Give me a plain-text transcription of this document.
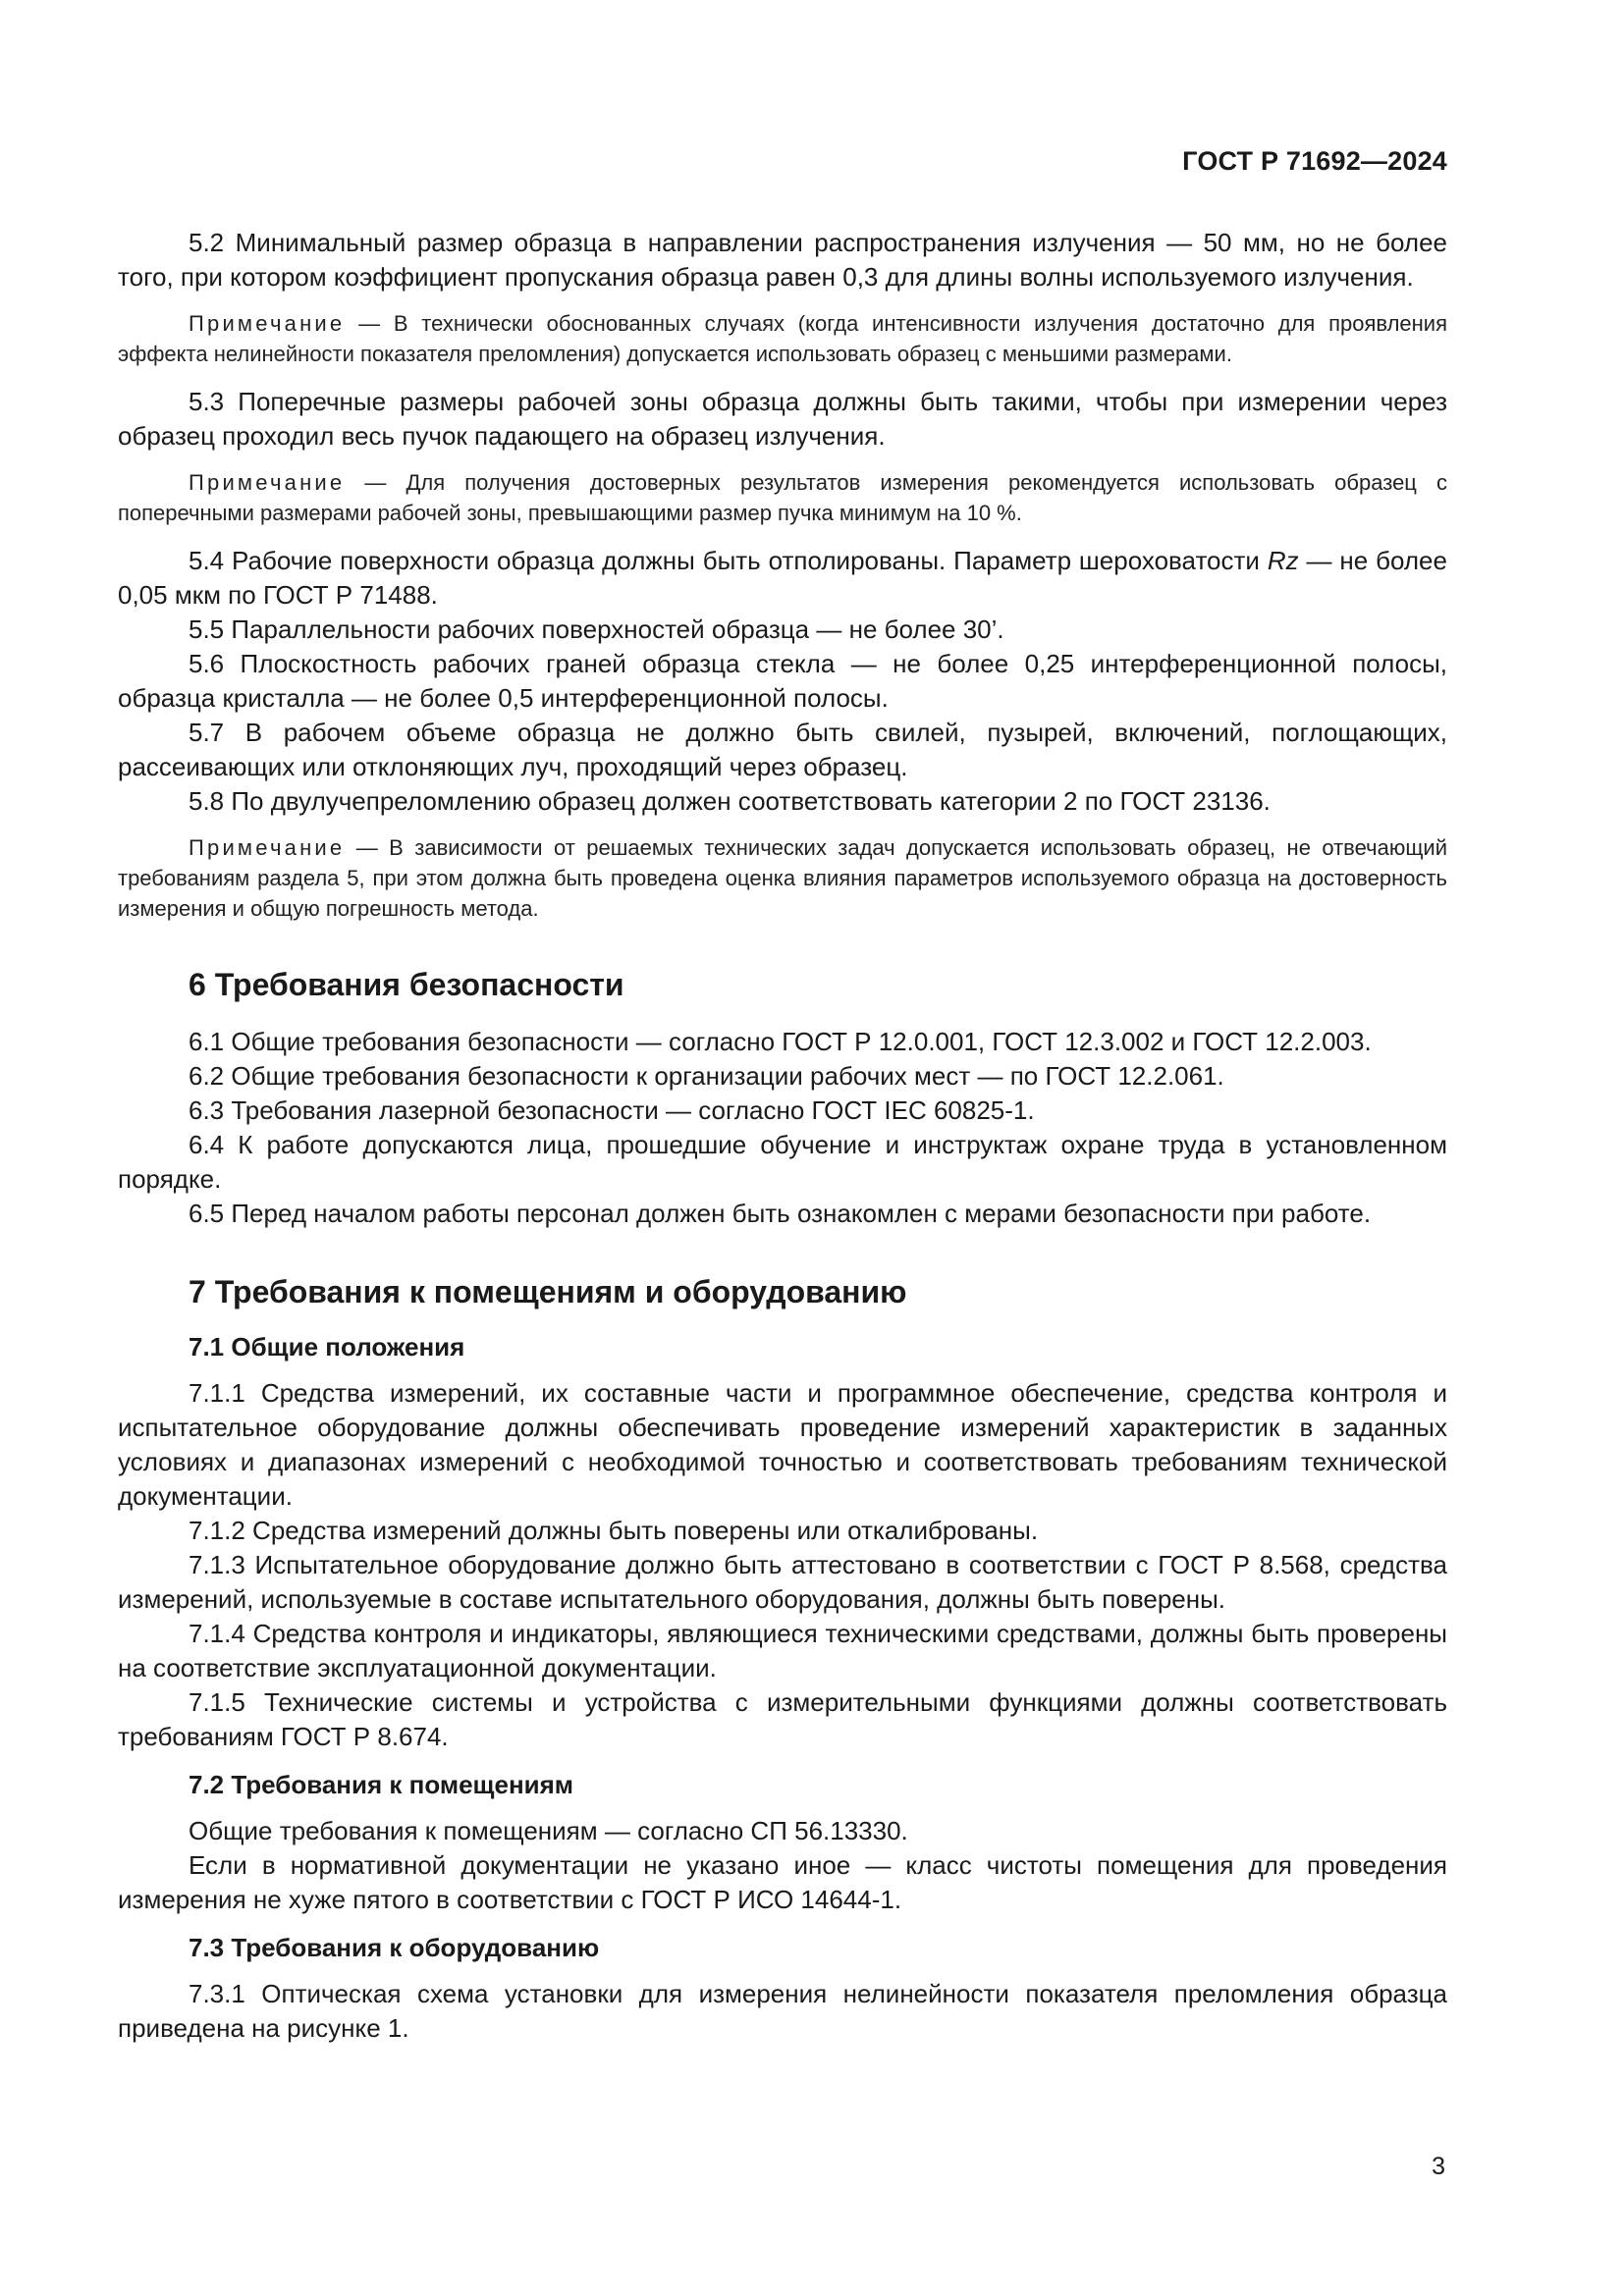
ГОСТ Р 71692—2024

5.2 Минимальный размер образца в направлении распространения излучения — 50 мм, но не более того, при котором коэффициент пропускания образца равен 0,3 для длины волны используемого излучения.

Примечание — В технически обоснованных случаях (когда интенсивности излучения достаточно для проявления эффекта нелинейности показателя преломления) допускается использовать образец с меньшими размерами.

5.3 Поперечные размеры рабочей зоны образца должны быть такими, чтобы при измерении через образец проходил весь пучок падающего на образец излучения.

Примечание — Для получения достоверных результатов измерения рекомендуется использовать образец с поперечными размерами рабочей зоны, превышающими размер пучка минимум на 10 %.

5.4 Рабочие поверхности образца должны быть отполированы. Параметр шероховатости Rz — не более 0,05 мкм по ГОСТ Р 71488.

5.5 Параллельности рабочих поверхностей образца — не более 30’.

5.6 Плоскостность рабочих граней образца стекла — не более 0,25 интерференционной полосы, образца кристалла — не более 0,5 интерференционной полосы.

5.7 В рабочем объеме образца не должно быть свилей, пузырей, включений, поглощающих, рассеивающих или отклоняющих луч, проходящий через образец.

5.8 По двулучепреломлению образец должен соответствовать категории 2 по ГОСТ 23136.

Примечание — В зависимости от решаемых технических задач допускается использовать образец, не отвечающий требованиям раздела 5, при этом должна быть проведена оценка влияния параметров используемого образца на достоверность измерения и общую погрешность метода.

6 Требования безопасности

6.1 Общие требования безопасности — согласно ГОСТ Р 12.0.001, ГОСТ 12.3.002 и ГОСТ 12.2.003.

6.2 Общие требования безопасности к организации рабочих мест — по ГОСТ 12.2.061.

6.3 Требования лазерной безопасности — согласно ГОСТ IEC 60825-1.

6.4 К работе допускаются лица, прошедшие обучение и инструктаж охране труда в установленном порядке.

6.5 Перед началом работы персонал должен быть ознакомлен с мерами безопасности при работе.

7 Требования к помещениям и оборудованию
7.1 Общие положения

7.1.1 Средства измерений, их составные части и программное обеспечение, средства контроля и испытательное оборудование должны обеспечивать проведение измерений характеристик в заданных условиях и диапазонах измерений с необходимой точностью и соответствовать требованиям технической документации.

7.1.2 Средства измерений должны быть поверены или откалиброваны.

7.1.3 Испытательное оборудование должно быть аттестовано в соответствии с ГОСТ Р 8.568, средства измерений, используемые в составе испытательного оборудования, должны быть поверены.

7.1.4 Средства контроля и индикаторы, являющиеся техническими средствами, должны быть проверены на соответствие эксплуатационной документации.

7.1.5 Технические системы и устройства с измерительными функциями должны соответствовать требованиям ГОСТ Р 8.674.

7.2 Требования к помещениям

Общие требования к помещениям — согласно СП 56.13330.

Если в нормативной документации не указано иное — класс чистоты помещения для проведения измерения не хуже пятого в соответствии с ГОСТ Р ИСО 14644-1.

7.3 Требования к оборудованию

7.3.1 Оптическая схема установки для измерения нелинейности показателя преломления образца приведена на рисунке 1.

3
